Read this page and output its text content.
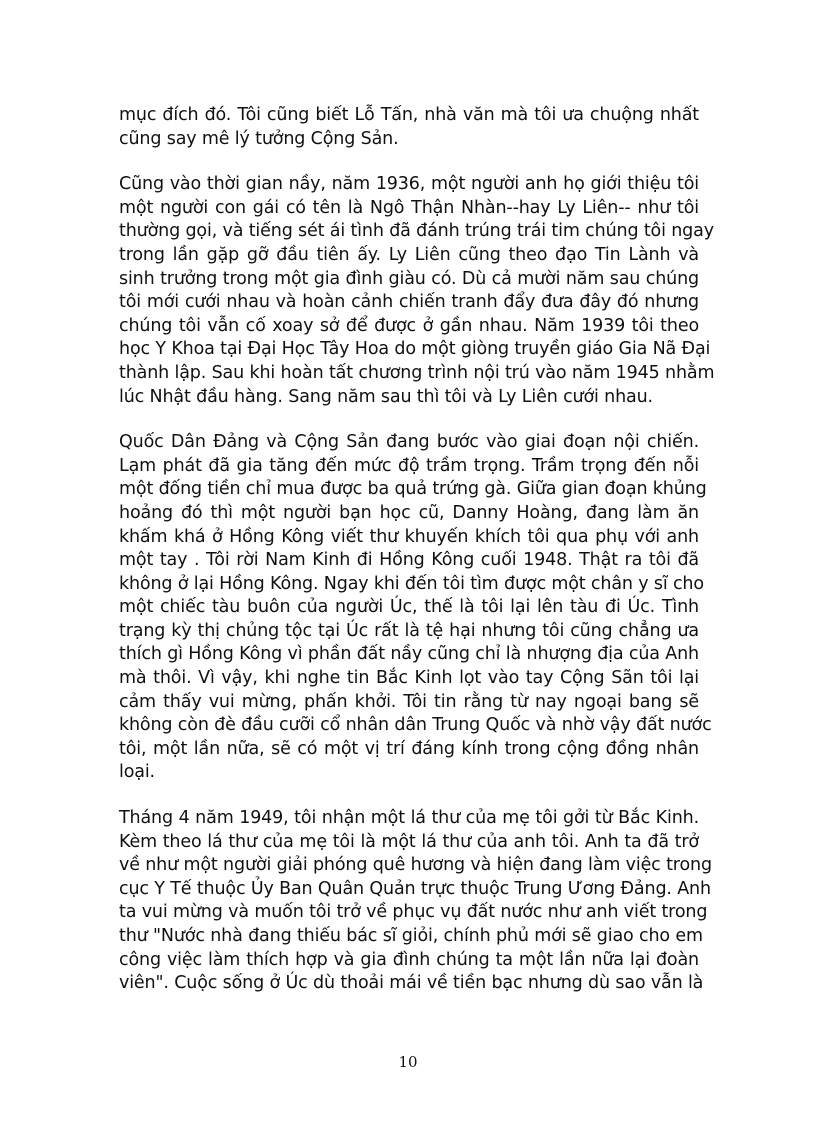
mục đích đó. Tôi cũng biết Lỗ Tấn, nhà văn mà tôi ưa chuộng nhất
cũng say mê lý tưởng Cộng Sản.
Cũng vào thời gian nầy, năm 1936, một người anh họ giới thiệu tôi
một người con gái có tên là Ngô Thận Nhàn--hay Ly Liên-- như tôi
thường gọi, và tiếng sét ái tình đã đánh trúng trái tim chúng tôi ngay
trong lần gặp gỡ đầu tiên ấy. Ly Liên cũng theo đạo Tin Lành và
sinh trưởng trong một gia đình giàu có. Dù cả mười năm sau chúng
tôi mới cưới nhau và hoàn cảnh chiến tranh đẩy đưa đây đó nhưng
chúng tôi vẫn cố xoay sở để được ở gần nhau. Năm 1939 tôi theo
học Y Khoa tại Đại Học Tây Hoa do một giòng truyền giáo Gia Nã Đại
thành lập. Sau khi hoàn tất chương trình nội trú vào năm 1945 nhằm
lúc Nhật đầu hàng. Sang năm sau thì tôi và Ly Liên cưới nhau.
Quốc Dân Đảng và Cộng Sản đang bước vào giai đoạn nội chiến.
Lạm phát đã gia tăng đến mức độ trầm trọng. Trầm trọng đến nỗi
một đống tiền chỉ mua được ba quả trứng gà. Giữa gian đoạn khủng
hoảng đó thì một người bạn học cũ, Danny Hoàng, đang làm ăn
khấm khá ở Hồng Kông viết thư khuyến khích tôi qua phụ với anh
một tay . Tôi rời Nam Kinh đi Hồng Kông cuối 1948. Thật ra tôi đã
không ở lại Hồng Kông. Ngay khi đến tôi tìm được một chân y sĩ cho
một chiếc tàu buôn của người Úc, thế là tôi lại lên tàu đi Úc. Tình
trạng kỳ thị chủng tộc tại Úc rất là tệ hại nhưng tôi cũng chẳng ưa
thích gì Hồng Kông vì phần đất nầy cũng chỉ là nhượng địa của Anh
mà thôi. Vì vậy, khi nghe tin Bắc Kinh lọt vào tay Cộng Sãn tôi lại
cảm thấy vui mừng, phấn khởi. Tôi tin rằng từ nay ngoại bang sẽ
không còn đè đầu cưỡi cổ nhân dân Trung Quốc và nhờ vậy đất nước
tôi, một lần nữa, sẽ có một vị trí đáng kính trong cộng đồng nhân
loại.
Tháng 4 năm 1949, tôi nhận một lá thư của mẹ tôi gởi từ Bắc Kinh.
Kèm theo lá thư của mẹ tôi là một lá thư của anh tôi. Anh ta đã trở
về như một người giải phóng quê hương và hiện đang làm việc trong
cục Y Tế thuộc Ủy Ban Quân Quản trực thuộc Trung Ương Đảng. Anh
ta vui mừng và muốn tôi trở về phục vụ đất nước như anh viết trong
thư "Nước nhà đang thiếu bác sĩ giỏi, chính phủ mới sẽ giao cho em
công việc làm thích hợp và gia đình chúng ta một lần nữa lại đoàn
viên". Cuộc sống ở Úc dù thoải mái về tiền bạc nhưng dù sao vẫn là
10
